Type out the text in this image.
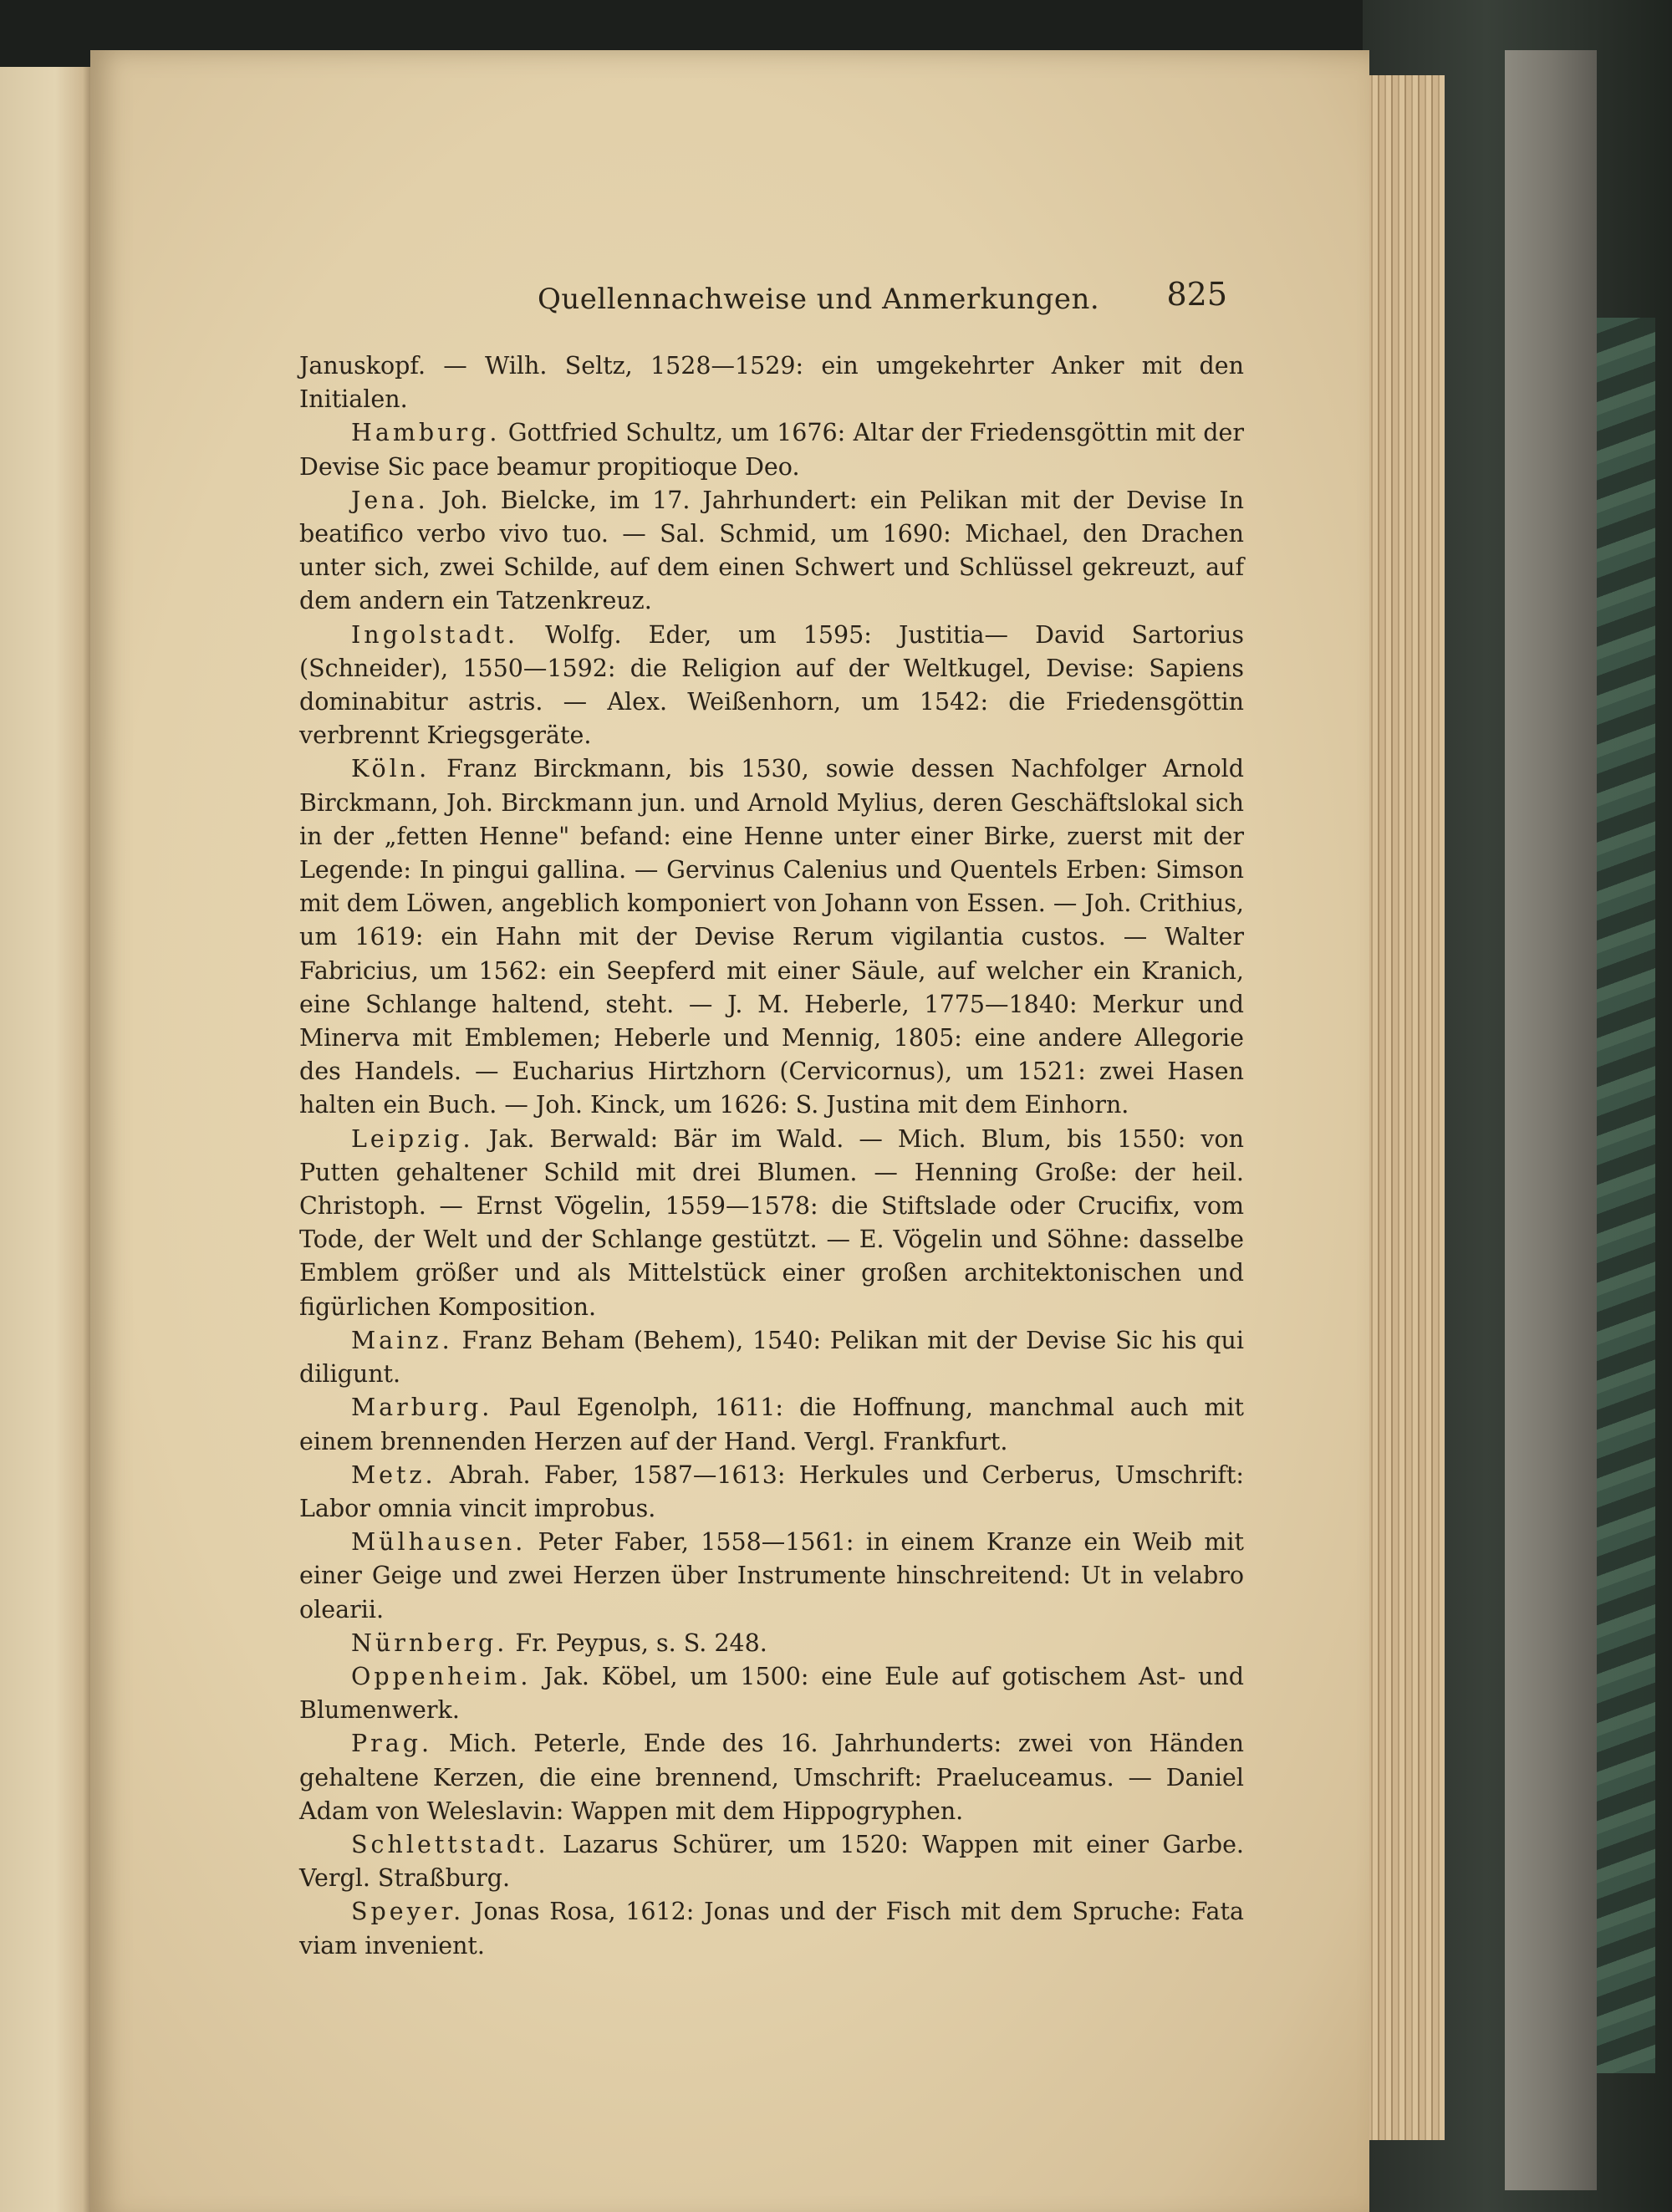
Quellennachweise und Anmerkungen. 825

Januskopf. — Wilh. Seltz, 1528—1529: ein umgekehrter Anker mit den Initialen.

Hamburg. Gottfried Schultz, um 1676: Altar der Friedensgöttin mit der Devise Sic pace beamur propitioque Deo.

Jena. Joh. Bielcke, im 17. Jahrhundert: ein Pelikan mit der Devise In beatifico verbo vivo tuo. — Sal. Schmid, um 1690: Michael, den Drachen unter sich, zwei Schilde, auf dem einen Schwert und Schlüssel gekreuzt, auf dem andern ein Tatzenkreuz.

Ingolstadt. Wolfg. Eder, um 1595: Justitia— David Sartorius (Schneider), 1550—1592: die Religion auf der Weltkugel, Devise: Sapiens dominabitur astris. — Alex. Weißenhorn, um 1542: die Friedensgöttin verbrennt Kriegsgeräte.

Köln. Franz Birckmann, bis 1530, sowie dessen Nachfolger Arnold Birckmann, Joh. Birckmann jun. und Arnold Mylius, deren Geschäftslokal sich in der „fetten Henne" befand: eine Henne unter einer Birke, zuerst mit der Legende: In pingui gallina. — Gervinus Calenius und Quentels Erben: Simson mit dem Löwen, angeblich komponiert von Johann von Essen. — Joh. Crithius, um 1619: ein Hahn mit der Devise Rerum vigilantia custos. — Walter Fabricius, um 1562: ein Seepferd mit einer Säule, auf welcher ein Kranich, eine Schlange haltend, steht. — J. M. Heberle, 1775—1840: Merkur und Minerva mit Emblemen; Heberle und Mennig, 1805: eine andere Allegorie des Handels. — Eucharius Hirtzhorn (Cervicornus), um 1521: zwei Hasen halten ein Buch. — Joh. Kinck, um 1626: S. Justina mit dem Einhorn.

Leipzig. Jak. Berwald: Bär im Wald. — Mich. Blum, bis 1550: von Putten gehaltener Schild mit drei Blumen. — Henning Große: der heil. Christoph. — Ernst Vögelin, 1559—1578: die Stiftslade oder Crucifix, vom Tode, der Welt und der Schlange gestützt. — E. Vögelin und Söhne: dasselbe Emblem größer und als Mittelstück einer großen architektonischen und figürlichen Komposition.

Mainz. Franz Beham (Behem), 1540: Pelikan mit der Devise Sic his qui diligunt.

Marburg. Paul Egenolph, 1611: die Hoffnung, manchmal auch mit einem brennenden Herzen auf der Hand. Vergl. Frankfurt.

Metz. Abrah. Faber, 1587—1613: Herkules und Cerberus, Umschrift: Labor omnia vincit improbus.

Mülhausen. Peter Faber, 1558—1561: in einem Kranze ein Weib mit einer Geige und zwei Herzen über Instrumente hinschreitend: Ut in velabro olearii.

Nürnberg. Fr. Peypus, s. S. 248.

Oppenheim. Jak. Köbel, um 1500: eine Eule auf gotischem Ast- und Blumenwerk.

Prag. Mich. Peterle, Ende des 16. Jahrhunderts: zwei von Händen gehaltene Kerzen, die eine brennend, Umschrift: Praeluceamus. — Daniel Adam von Weleslavin: Wappen mit dem Hippogryphen.

Schlettstadt. Lazarus Schürer, um 1520: Wappen mit einer Garbe. Vergl. Straßburg.

Speyer. Jonas Rosa, 1612: Jonas und der Fisch mit dem Spruche: Fata viam invenient.
